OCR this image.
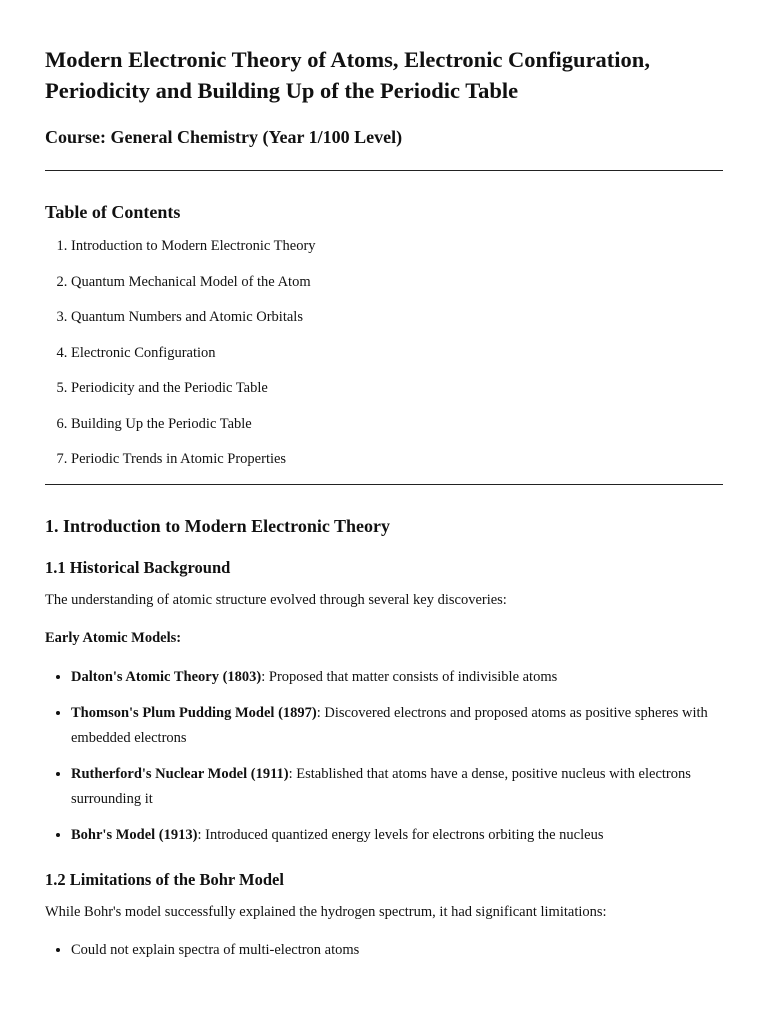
Modern Electronic Theory of Atoms, Electronic Configuration, Periodicity and Building Up of the Periodic Table

Course: General Chemistry (Year 1/100 Level)

Table of Contents

1. Introduction to Modern Electronic Theory
2. Quantum Mechanical Model of the Atom
3. Quantum Numbers and Atomic Orbitals
4. Electronic Configuration
5. Periodicity and the Periodic Table
6. Building Up the Periodic Table
7. Periodic Trends in Atomic Properties

1. Introduction to Modern Electronic Theory

1.1 Historical Background

The understanding of atomic structure evolved through several key discoveries:

Early Atomic Models:

• Dalton's Atomic Theory (1803): Proposed that matter consists of indivisible atoms
• Thomson's Plum Pudding Model (1897): Discovered electrons and proposed atoms as positive spheres with embedded electrons
• Rutherford's Nuclear Model (1911): Established that atoms have a dense, positive nucleus with electrons surrounding it
• Bohr's Model (1913): Introduced quantized energy levels for electrons orbiting the nucleus

1.2 Limitations of the Bohr Model

While Bohr's model successfully explained the hydrogen spectrum, it had significant limitations:

• Could not explain spectra of multi-electron atoms
